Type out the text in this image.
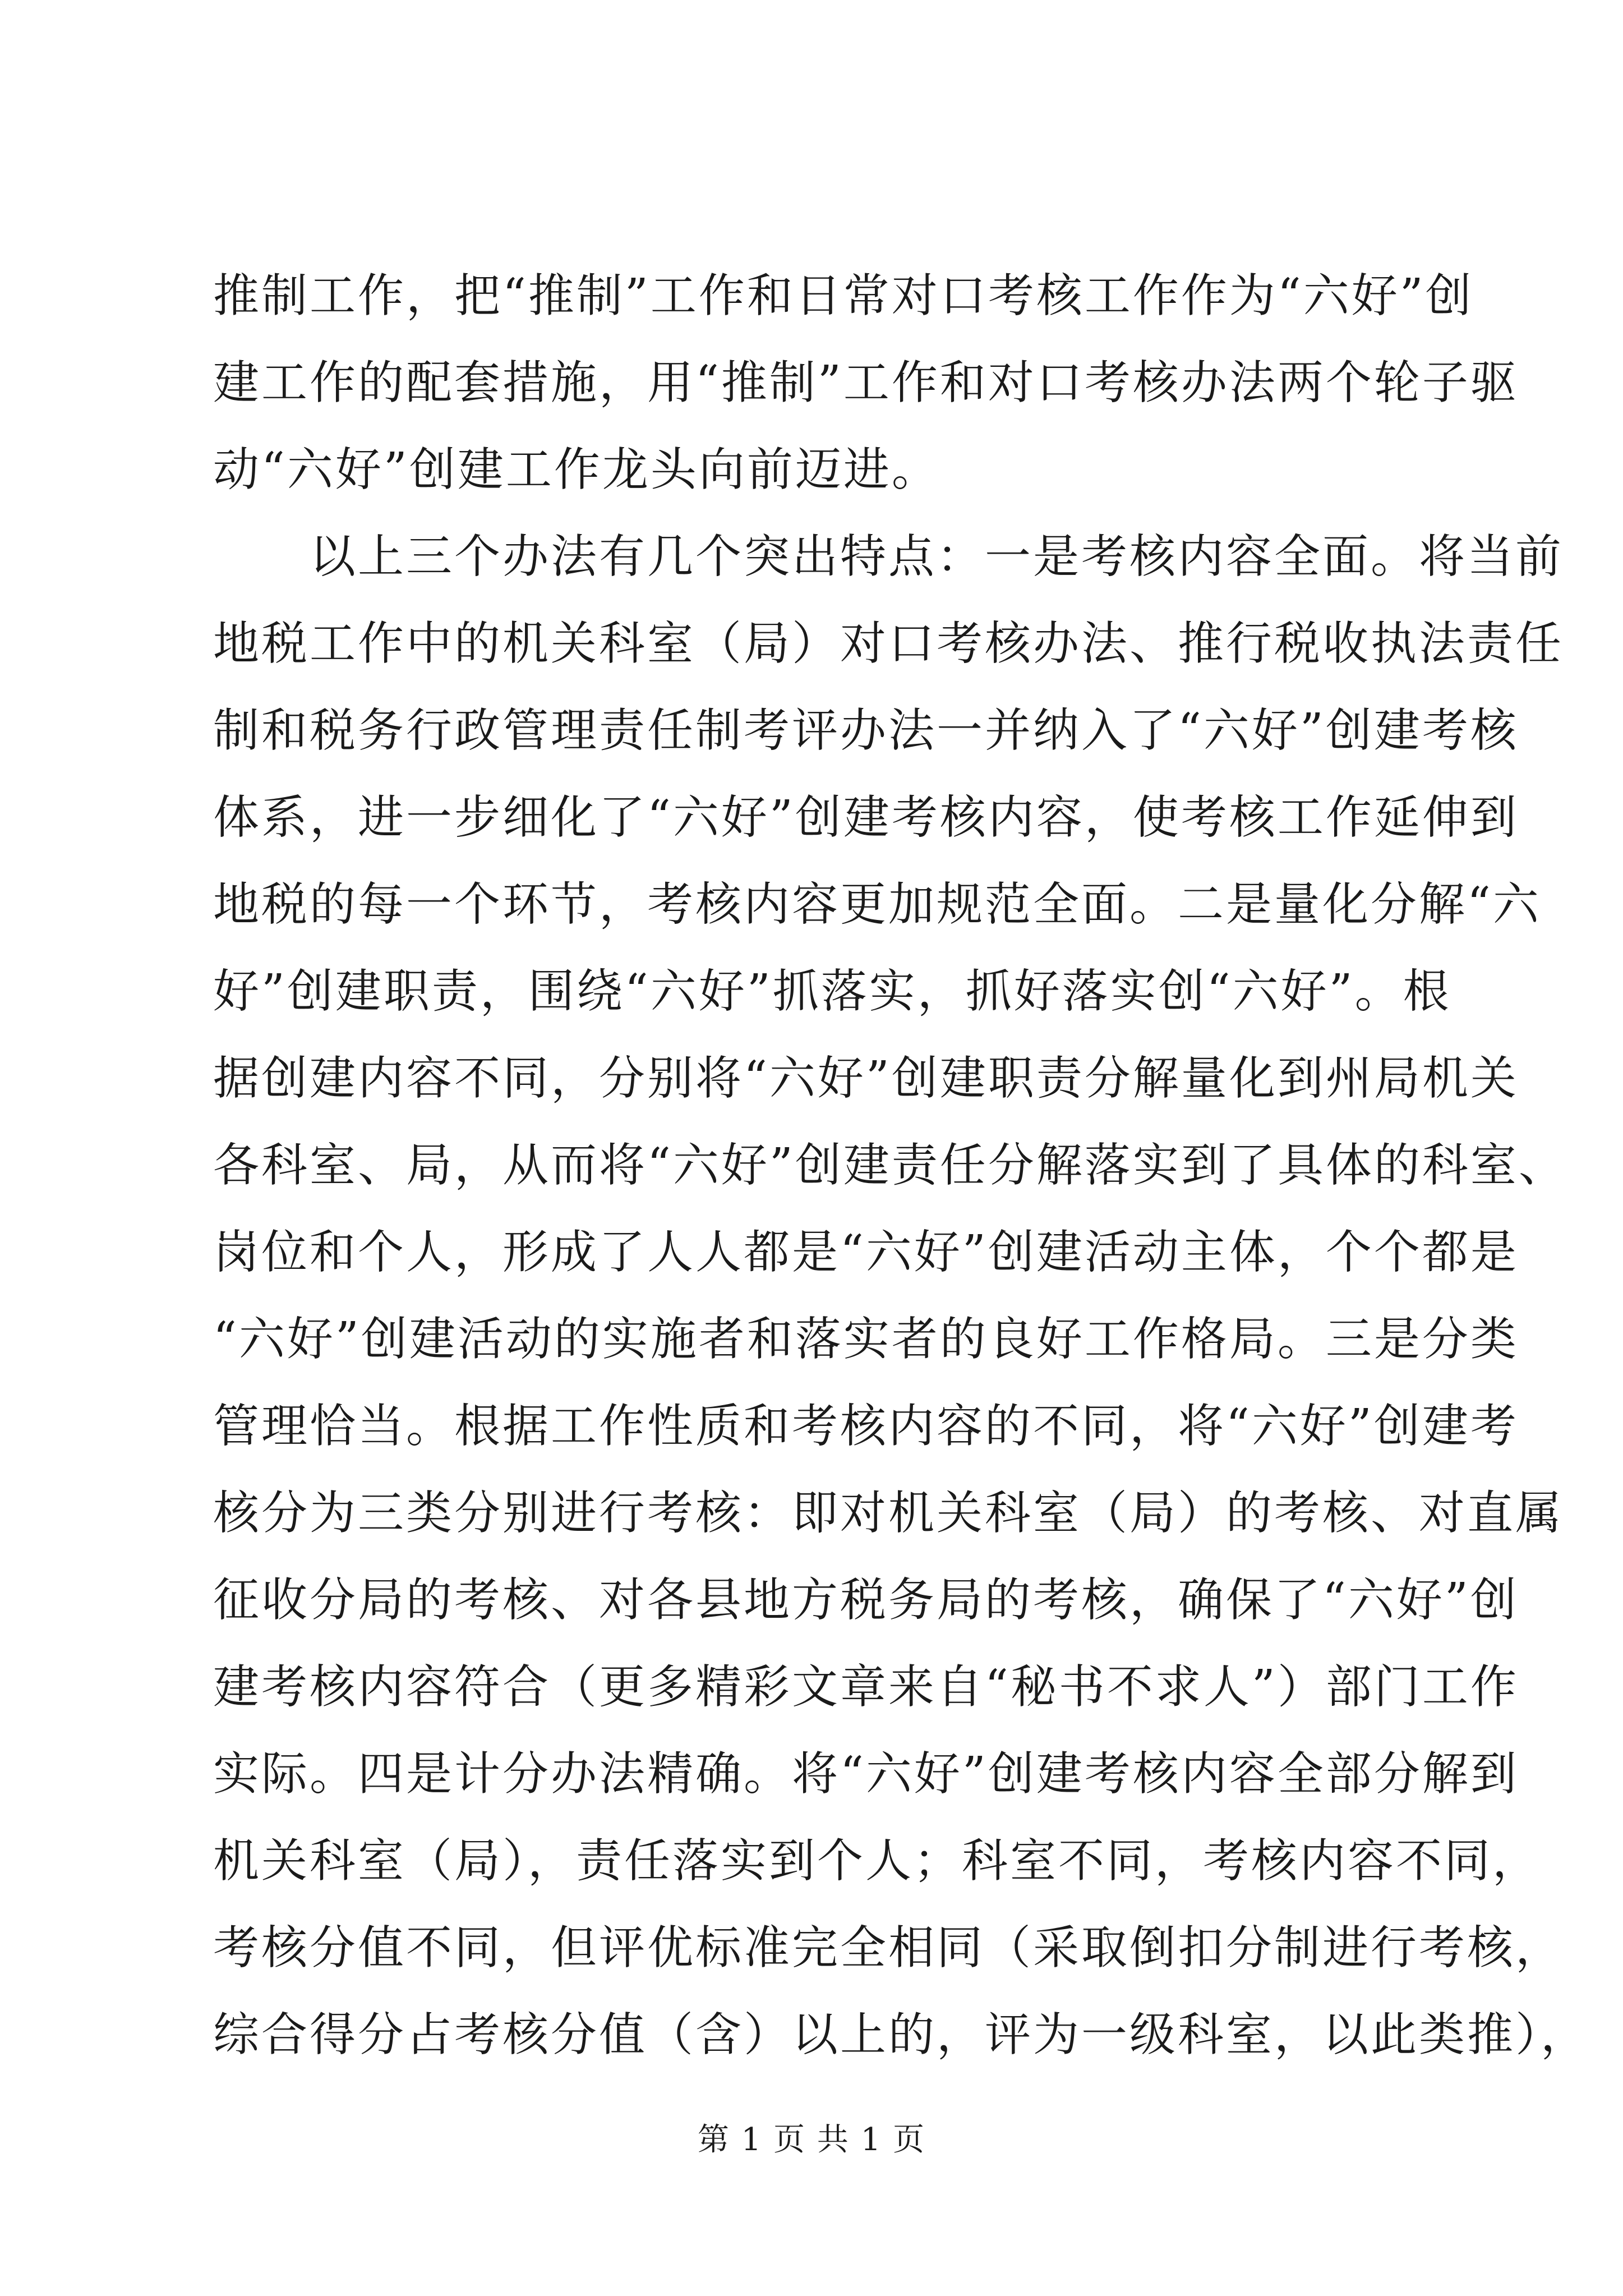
推制工作，把“推制”工作和日常对口考核工作作为“六好”创
建工作的配套措施，用“推制”工作和对口考核办法两个轮子驱
动“六好”创建工作龙头向前迈进。
　　以上三个办法有几个突出特点：一是考核内容全面。将当前
地税工作中的机关科室（局）对口考核办法、推行税收执法责任
制和税务行政管理责任制考评办法一并纳入了“六好”创建考核
体系，进一步细化了“六好”创建考核内容，使考核工作延伸到
地税的每一个环节，考核内容更加规范全面。二是量化分解“六
好”创建职责，围绕“六好”抓落实，抓好落实创“六好”。根
据创建内容不同，分别将“六好”创建职责分解量化到州局机关
各科室、局，从而将“六好”创建责任分解落实到了具体的科室、
岗位和个人，形成了人人都是“六好”创建活动主体，个个都是
“六好”创建活动的实施者和落实者的良好工作格局。三是分类
管理恰当。根据工作性质和考核内容的不同，将“六好”创建考
核分为三类分别进行考核：即对机关科室（局）的考核、对直属
征收分局的考核、对各县地方税务局的考核，确保了“六好”创
建考核内容符合（更多精彩文章来自“秘书不求人”）部门工作
实际。四是计分办法精确。将“六好”创建考核内容全部分解到
机关科室（局），责任落实到个人；科室不同，考核内容不同，
考核分值不同，但评优标准完全相同（采取倒扣分制进行考核，
综合得分占考核分值（含）以上的，评为一级科室，以此类推），
第 1 页 共 1 页
